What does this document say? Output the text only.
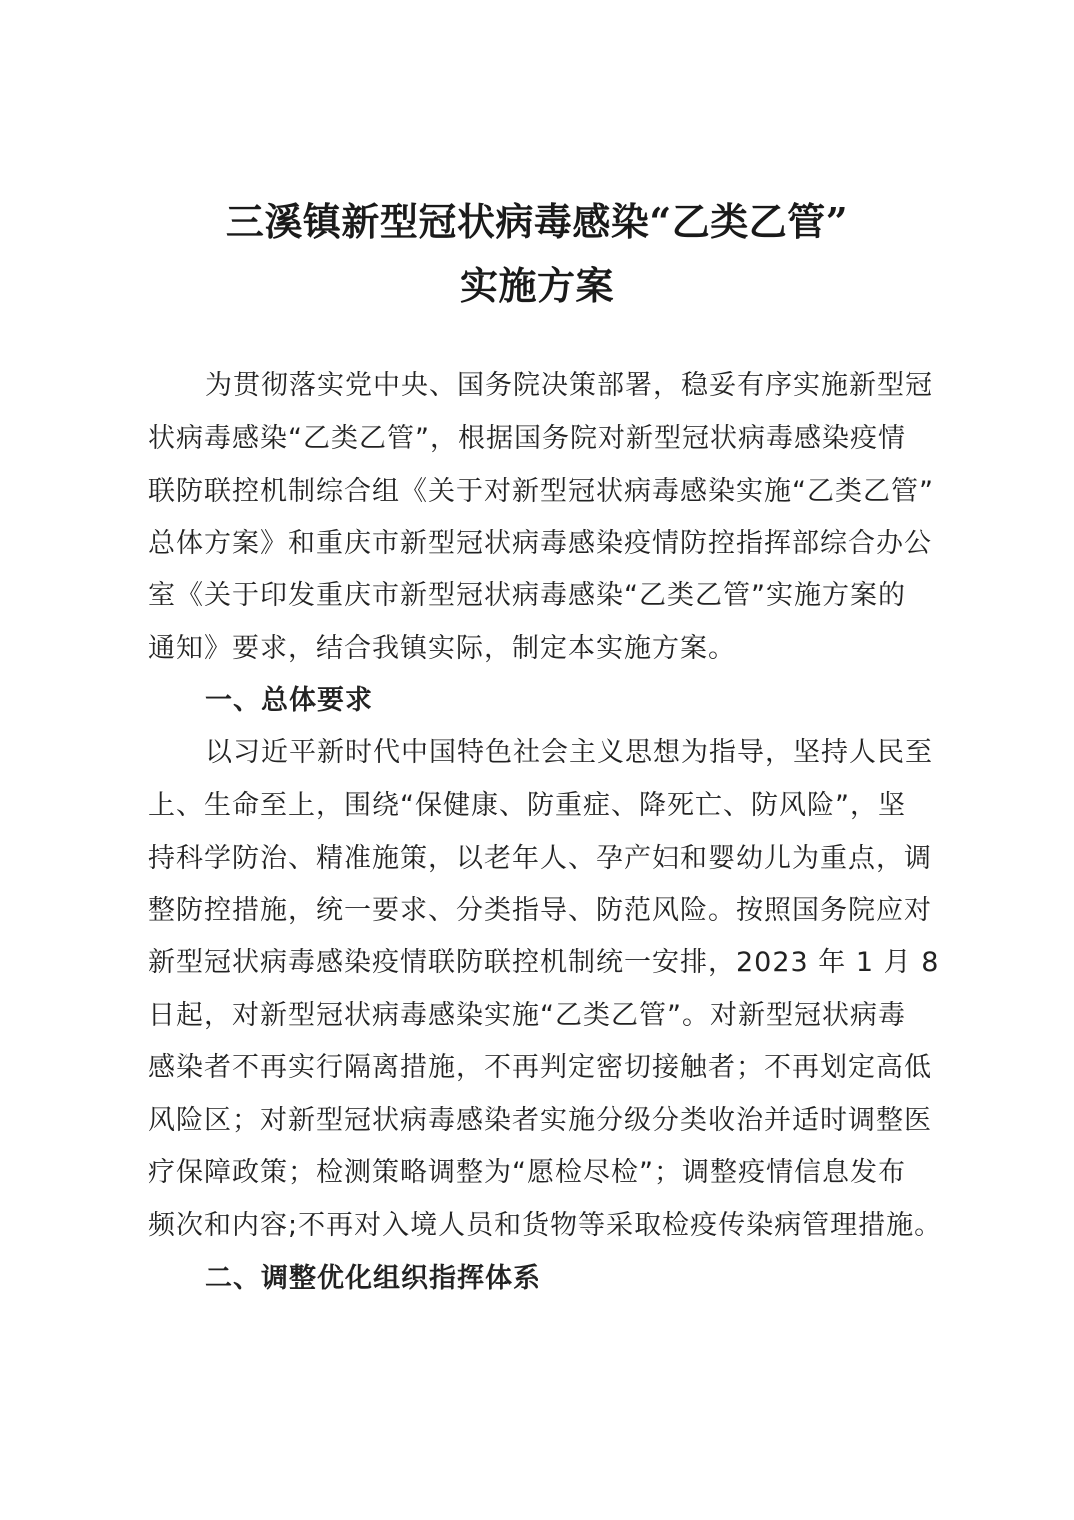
三溪镇新型冠状病毒感染“乙类乙管”
实施方案
为贯彻落实党中央、国务院决策部署，稳妥有序实施新型冠
状病毒感染“乙类乙管”，根据国务院对新型冠状病毒感染疫情
联防联控机制综合组《关于对新型冠状病毒感染实施“乙类乙管”
总体方案》和重庆市新型冠状病毒感染疫情防控指挥部综合办公
室《关于印发重庆市新型冠状病毒感染“乙类乙管”实施方案的
通知》要求，结合我镇实际，制定本实施方案。
一、总体要求
以习近平新时代中国特色社会主义思想为指导，坚持人民至
上、生命至上，围绕“保健康、防重症、降死亡、防风险”，坚
持科学防治、精准施策，以老年人、孕产妇和婴幼儿为重点，调
整防控措施，统一要求、分类指导、防范风险。按照国务院应对
新型冠状病毒感染疫情联防联控机制统一安排，2023 年 1 月 8
日起，对新型冠状病毒感染实施“乙类乙管”。对新型冠状病毒
感染者不再实行隔离措施，不再判定密切接触者；不再划定高低
风险区；对新型冠状病毒感染者实施分级分类收治并适时调整医
疗保障政策；检测策略调整为“愿检尽检”；调整疫情信息发布
频次和内容;不再对入境人员和货物等采取检疫传染病管理措施。
二、调整优化组织指挥体系
